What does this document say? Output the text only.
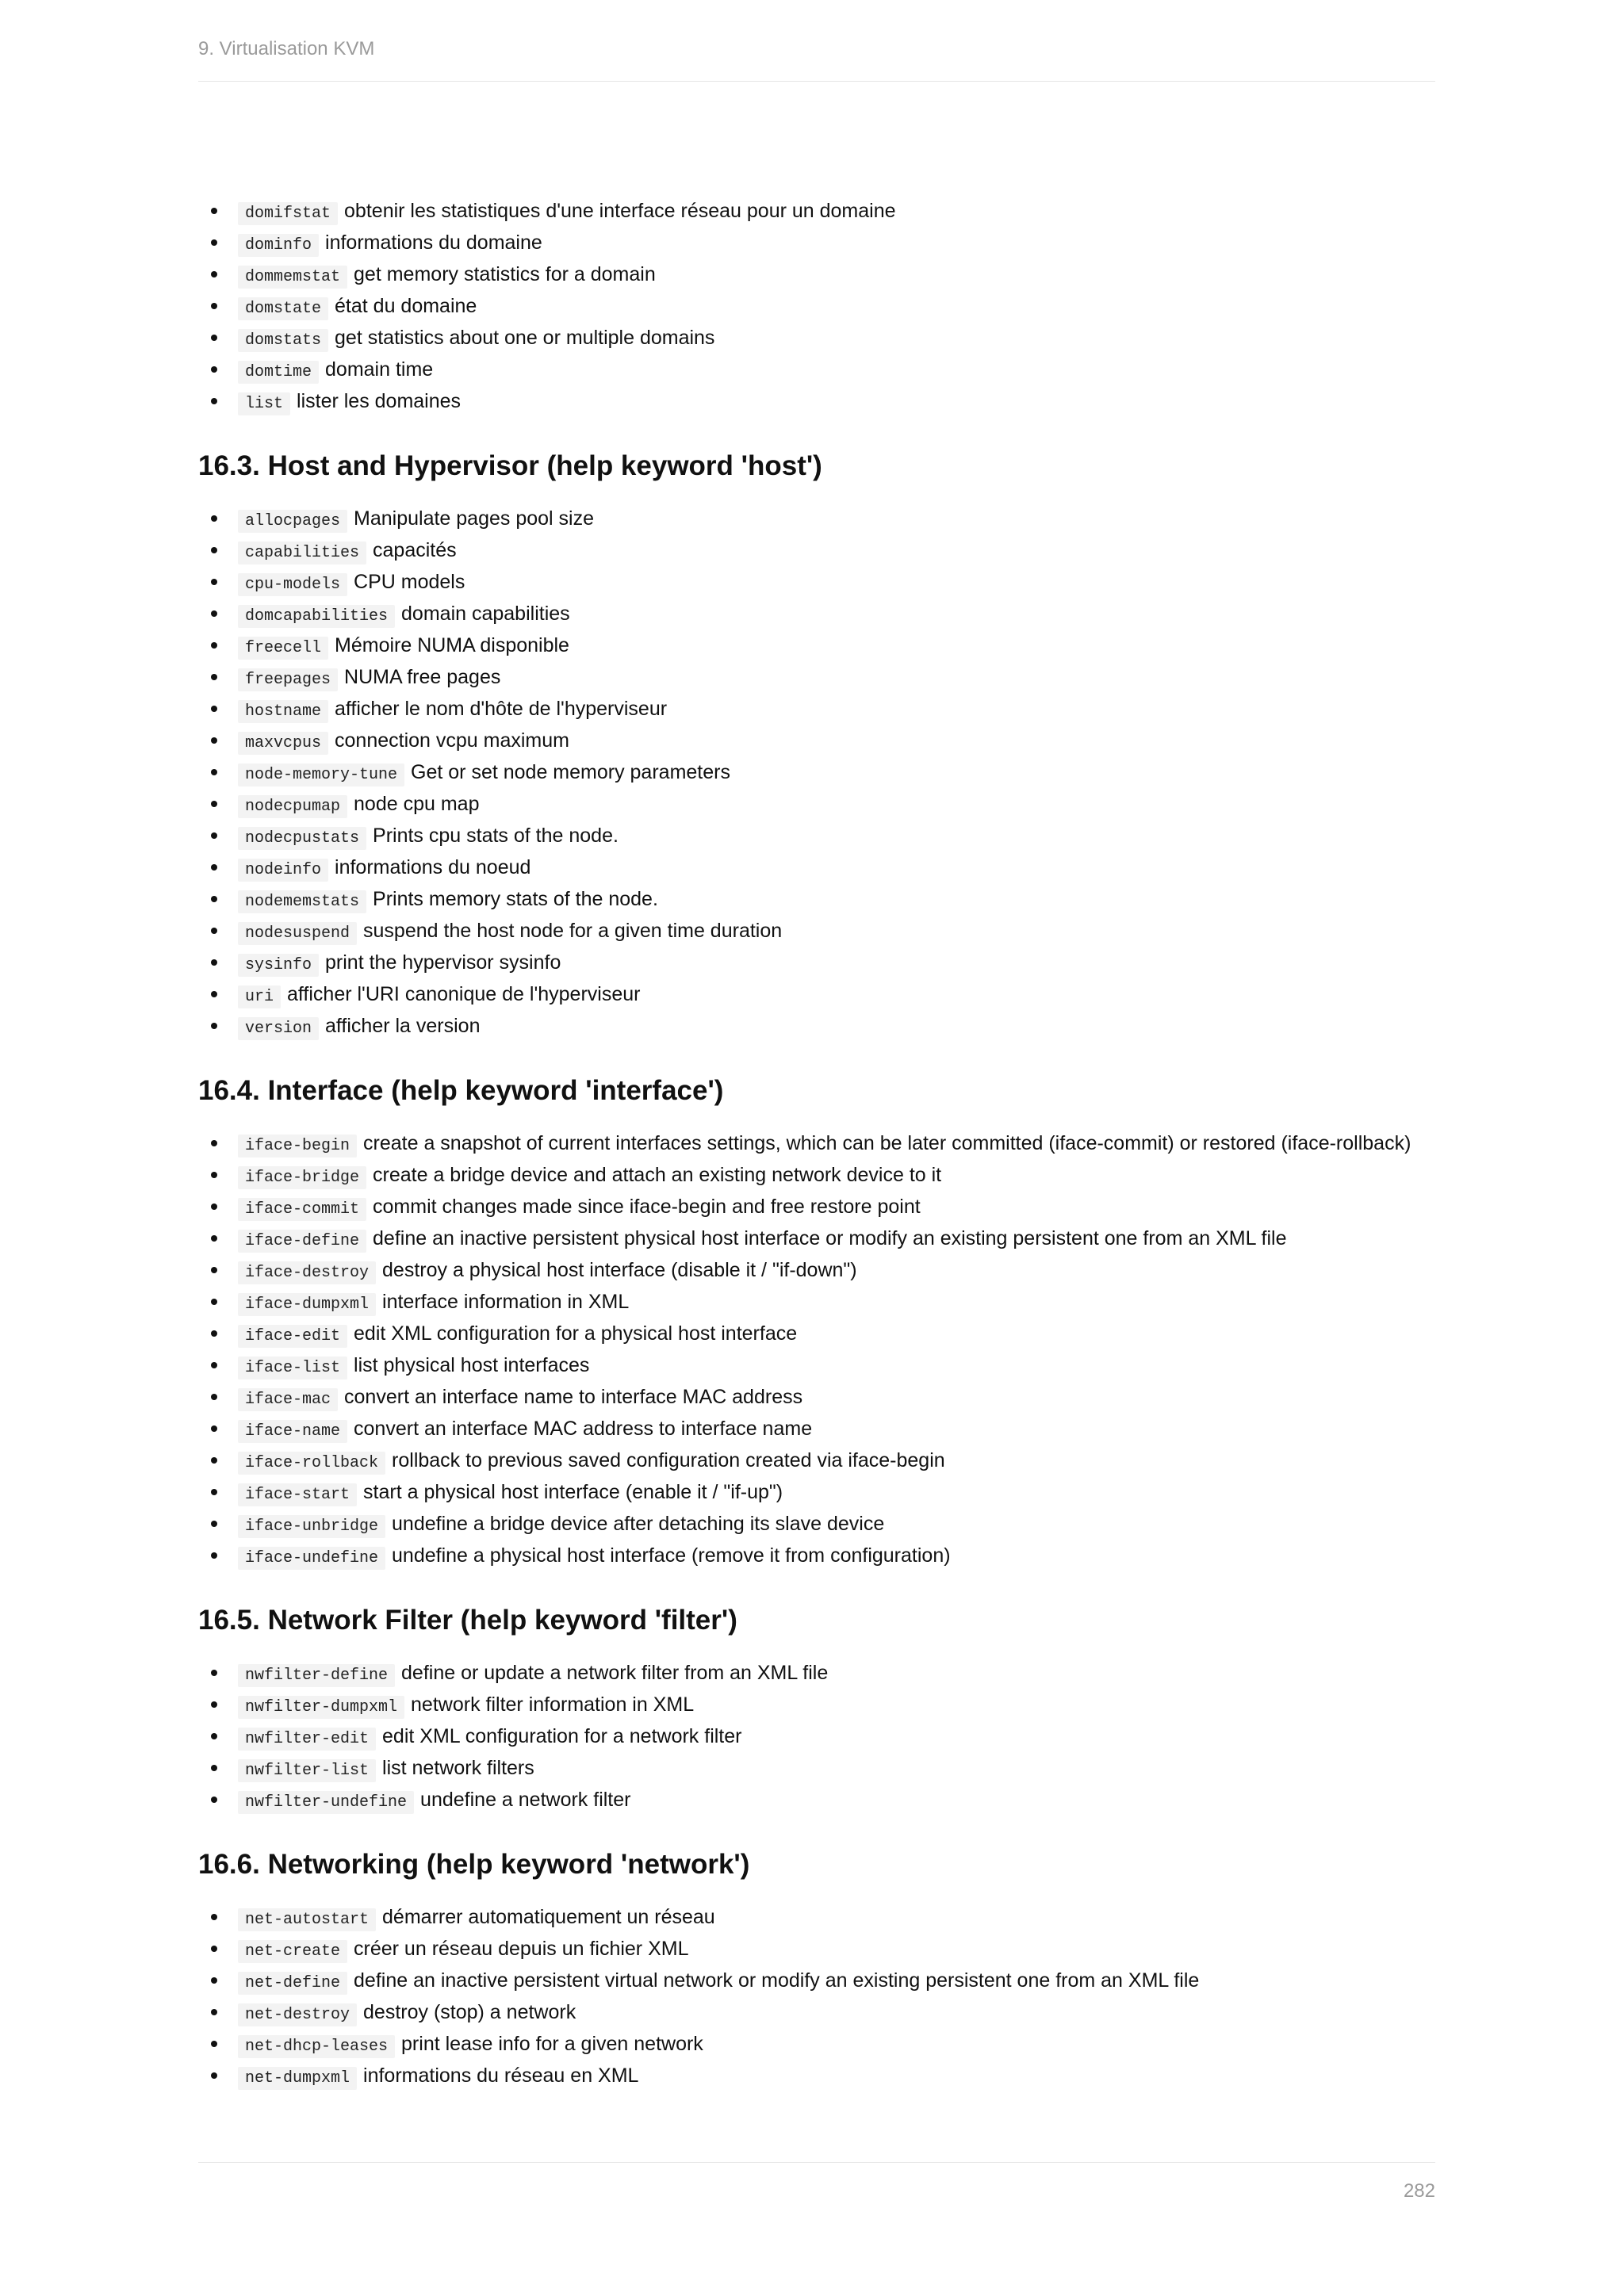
9. Virtualisation KVM
domifstat obtenir les statistiques d'une interface réseau pour un domaine
dominfo informations du domaine
dommemstat get memory statistics for a domain
domstate état du domaine
domstats get statistics about one or multiple domains
domtime domain time
list lister les domaines
16.3. Host and Hypervisor (help keyword 'host')
allocpages Manipulate pages pool size
capabilities capacités
cpu-models CPU models
domcapabilities domain capabilities
freecell Mémoire NUMA disponible
freepages NUMA free pages
hostname afficher le nom d'hôte de l'hyperviseur
maxvcpus connection vcpu maximum
node-memory-tune Get or set node memory parameters
nodecpumap node cpu map
nodecpustats Prints cpu stats of the node.
nodeinfo informations du noeud
nodememstats Prints memory stats of the node.
nodesuspend suspend the host node for a given time duration
sysinfo print the hypervisor sysinfo
uri afficher l'URI canonique de l'hyperviseur
version afficher la version
16.4. Interface (help keyword 'interface')
iface-begin create a snapshot of current interfaces settings, which can be later committed (iface-commit) or restored (iface-rollback)
iface-bridge create a bridge device and attach an existing network device to it
iface-commit commit changes made since iface-begin and free restore point
iface-define define an inactive persistent physical host interface or modify an existing persistent one from an XML file
iface-destroy destroy a physical host interface (disable it / "if-down")
iface-dumpxml interface information in XML
iface-edit edit XML configuration for a physical host interface
iface-list list physical host interfaces
iface-mac convert an interface name to interface MAC address
iface-name convert an interface MAC address to interface name
iface-rollback rollback to previous saved configuration created via iface-begin
iface-start start a physical host interface (enable it / "if-up")
iface-unbridge undefine a bridge device after detaching its slave device
iface-undefine undefine a physical host interface (remove it from configuration)
16.5. Network Filter (help keyword 'filter')
nwfilter-define define or update a network filter from an XML file
nwfilter-dumpxml network filter information in XML
nwfilter-edit edit XML configuration for a network filter
nwfilter-list list network filters
nwfilter-undefine undefine a network filter
16.6. Networking (help keyword 'network')
net-autostart démarrer automatiquement un réseau
net-create créer un réseau depuis un fichier XML
net-define define an inactive persistent virtual network or modify an existing persistent one from an XML file
net-destroy destroy (stop) a network
net-dhcp-leases print lease info for a given network
net-dumpxml informations du réseau en XML
282
